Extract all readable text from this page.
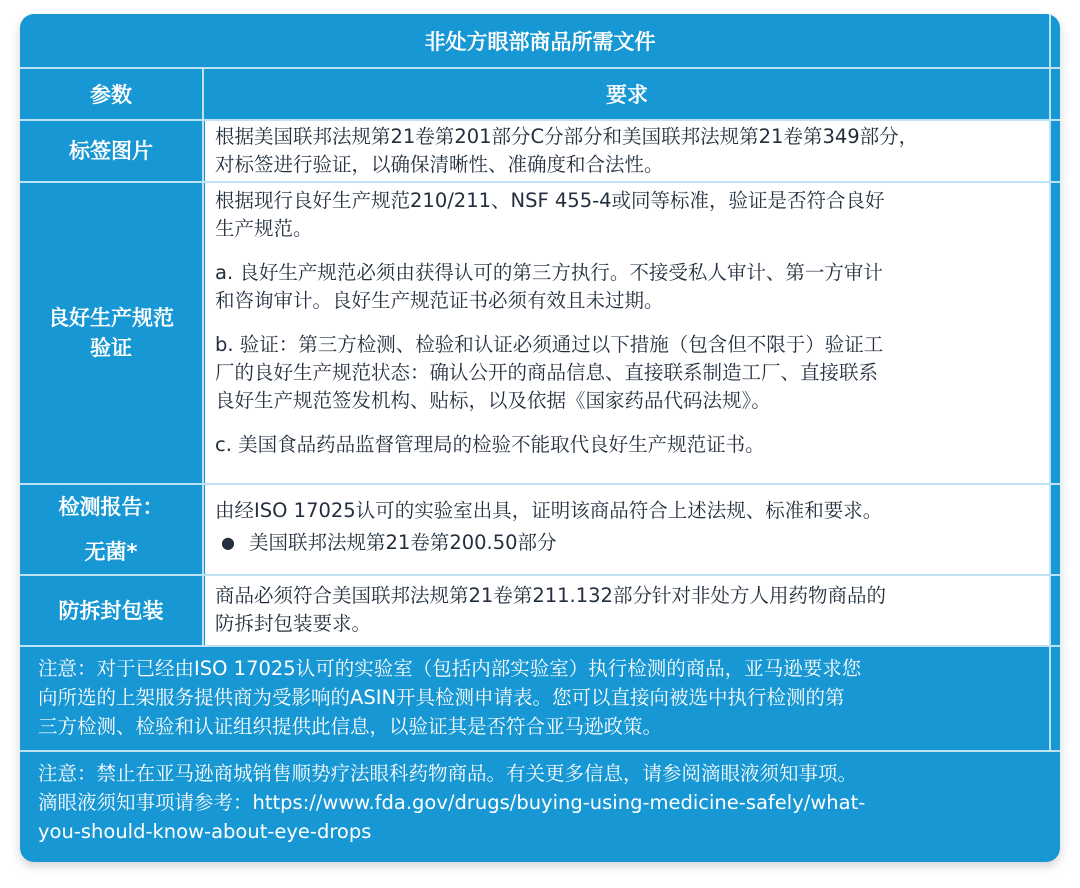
非处方眼部商品所需文件
参数	要求
标签图片

根据美国联邦法规第21卷第201部分C分部分和美国联邦法规第21卷第349部分，

对标签进行验证，以确保清晰性、准确度和合法性。

良好生产规范
验证

根据现行良好生产规范210/211、NSF 455-4或同等标准，验证是否符合良好

生产规范。

a. 良好生产规范必须由获得认可的第三方执行。不接受私人审计、第一方审计

和咨询审计。良好生产规范证书必须有效且未过期。

b. 验证：第三方检测、检验和认证必须通过以下措施（包含但不限于）验证工

厂的良好生产规范状态：确认公开的商品信息、直接联系制造工厂、直接联系

良好生产规范签发机构、贴标，以及依据《国家药品代码法规》。

c. 美国食品药品监督管理局的检验不能取代良好生产规范证书。

检测报告：
无菌*

由经ISO 17025认可的实验室出具，证明该商品符合上述法规、标准和要求。

● 美国联邦法规第21卷第200.50部分
防拆封包装

商品必须符合美国联邦法规第21卷第211.132部分针对非处方人用药物商品的

防拆封包装要求。

注意：对于已经由ISO 17025认可的实验室（包括内部实验室）执行检测的商品，亚马逊要求您
向所选的上架服务提供商为受影响的ASIN开具检测申请表。您可以直接向被选中执行检测的第
三方检测、检验和认证组织提供此信息，以验证其是否符合亚马逊政策。
注意：禁止在亚马逊商城销售顺势疗法眼科药物商品。有关更多信息，请参阅滴眼液须知事项。
滴眼液须知事项请参考：https://www.fda.gov/drugs/buying-using-medicine-safely/what-
you-should-know-about-eye-drops
